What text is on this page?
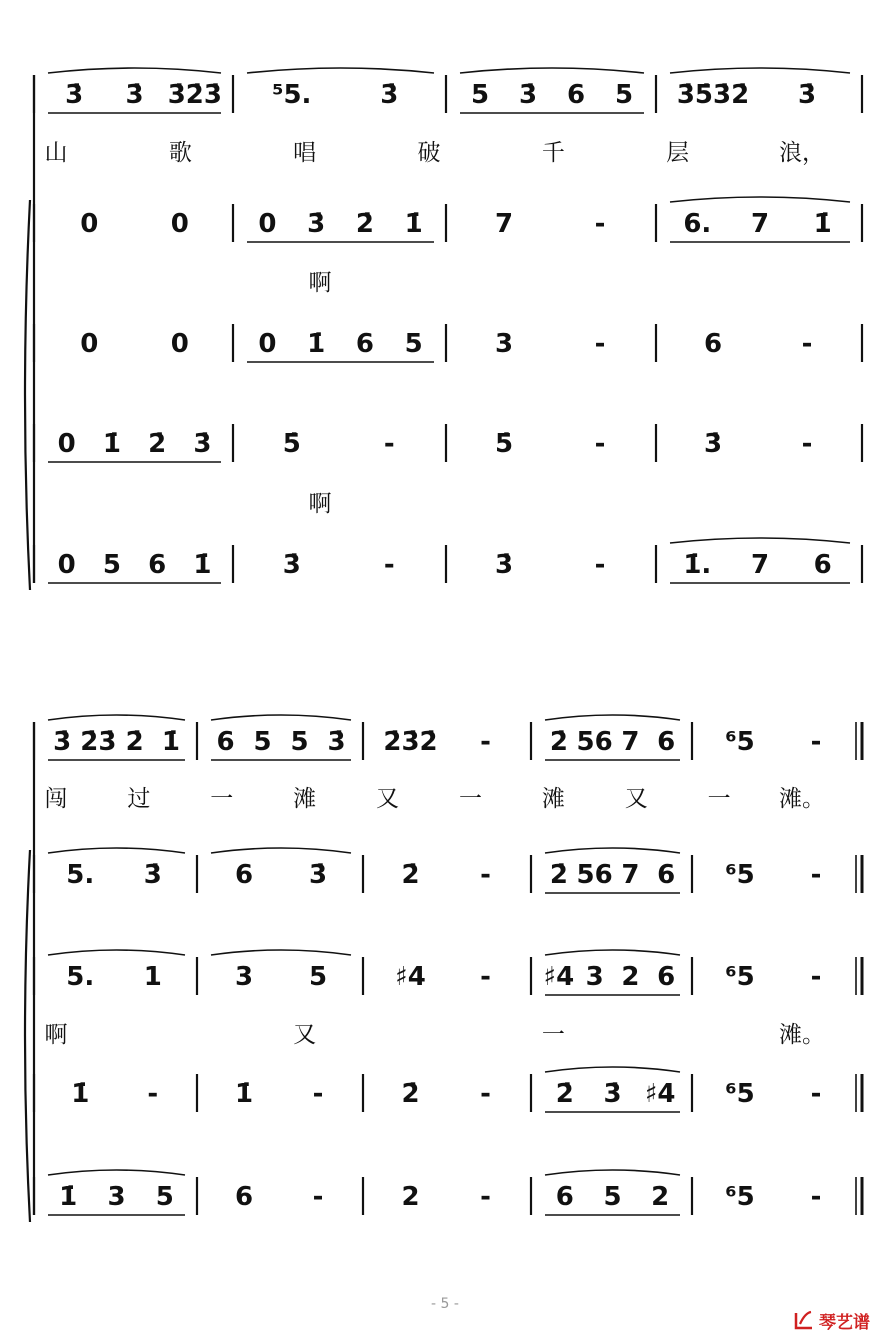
3̇ 3̇ 3̇2̇3̇ ⁵5.	3̇	5 3̇ 6 5 3̇5̇3̇2̇ 3̇
山	歌	唱	破	千	层	浪，
0	0	0 3̇ 2̇ 1̇	7	-	6. 7 1̇
啊
0	0	0 1̇ 6 5	3	-	6	-
0 1̇ 2̇ 3̇	5̇	-	5̇	-	3̇	-
啊
0 5 6 1̇	3̇	-	3̇	-	1̇. 7 6
3̇ 2̇3̇ 2̇ 1̇ 6 5 5 3̇ 2̇3̇2̇ - 2̇ 56 7 6 ⁶5 -
闯	过	一	滩	又	一	滩	又	一 滩。
5. 3̇	6 3̇	2̇ - 2̇ 56 7 6 ⁶5 -
5. 1	3 5	♯4 - ♯4 3 2 6 ⁶5 -
啊	又	一	滩。
1̇ -	1̇ -	2̇ - 2̇ 3̇ ♯4 ⁶5 -
1̇ 3 5 6 -	2 - 6 5 2 ⁶5 -
- 5 -
琴艺谱
